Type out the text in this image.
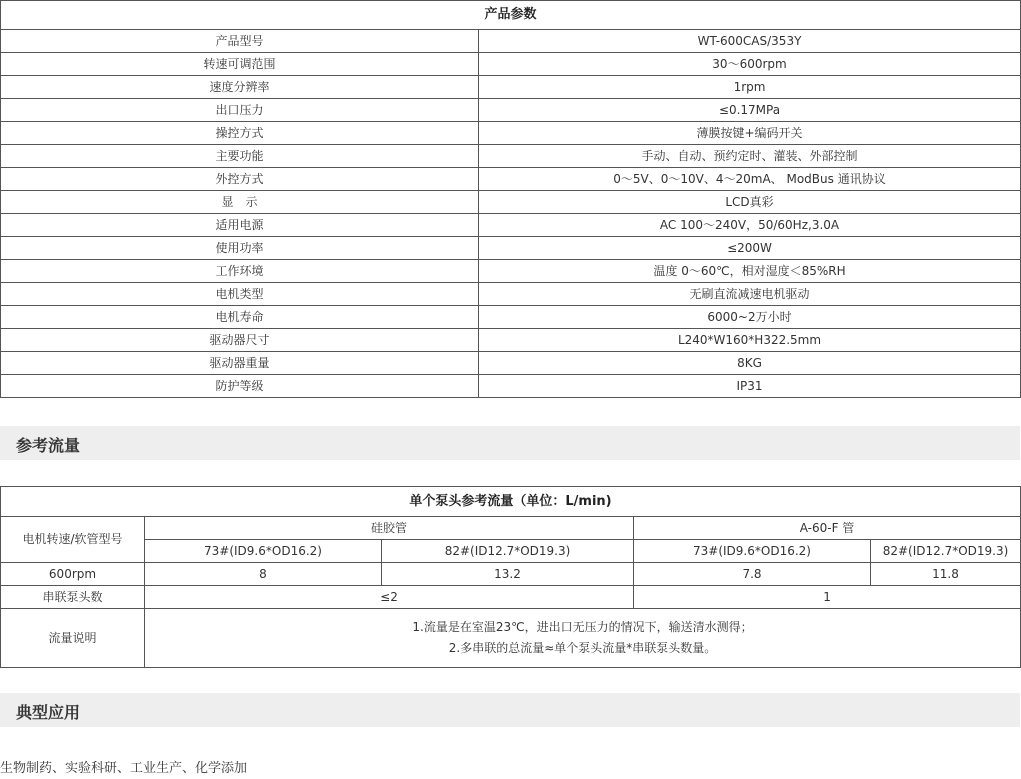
产品参数	
产品型号	WT-600CAS/353Y
转速可调范围	30～600rpm
速度分辨率	1rpm
出口压力	≤0.17MPa
操控方式	薄膜按键+编码开关
主要功能	手动、自动、预约定时、灌装、外部控制
外控方式	0～5V、0～10V、4～20mA、 ModBus 通讯协议
显　示	LCD真彩
适用电源	AC 100～240V，50/60Hz,3.0A
使用功率	≤200W
工作环境	温度 0～60℃，相对湿度＜85%RH
电机类型	无刷直流减速电机驱动
电机寿命	6000~2万小时
驱动器尺寸	L240*W160*H322.5mm
驱动器重量	8KG
防护等级	IP31
参考流量
单个泵头参考流量（单位：L/min)				
电机转速/软管型号	硅胶管		A-60-F 管	
	73#(ID9.6*OD16.2)	82#(ID12.7*OD19.3)	73#(ID9.6*OD16.2)	82#(ID12.7*OD19.3)
600rpm	8	13.2	7.8	11.8
串联泵头数	≤2		1	
流量说明	1.流量是在室温23℃，进出口无压力的情况下，输送清水测得；
2.多串联的总流量≈单个泵头流量*串联泵头数量。			
典型应用
生物制药、实验科研、工业生产、化学添加
